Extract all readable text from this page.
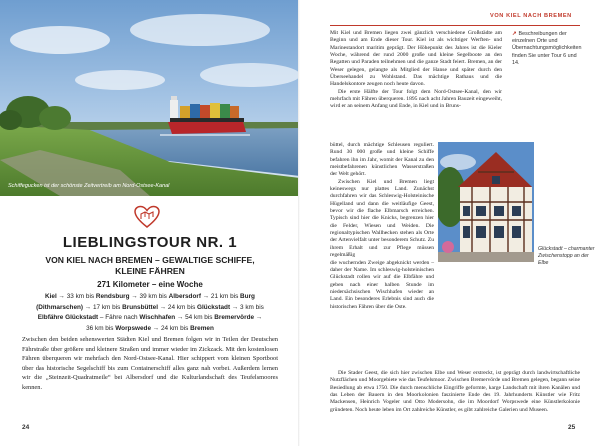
Schiffegucken ist der schönste Zeitvertreib am Nord-Ostsee-Kanal
LIEBLINGSTOUR NR. 1
VON KIEL NACH BREMEN – GEWALTIGE SCHIFFE, KLEINE FÄHREN
271 Kilometer – eine Woche
Kiel → 33 km bis Rendsburg → 39 km bis Albersdorf → 21 km bis Burg (Dithmarschen) → 17 km bis Brunsbüttel → 24 km bis Glückstadt → 3 km bis Elbfähre Glückstadt – Fähre nach Wischhafen → 54 km bis Bremervörde → 36 km bis Worpswede → 24 km bis Bremen
Zwischen den beiden sehenswerten Städten Kiel und Bremen folgen wir in Teilen der Deutschen Fährstraße über größere und kleinere Straßen und immer wieder im Zickzack. Mit den kostenlosen Fähren überqueren wir mehrfach den Nord-Ostsee-Kanal. Hier schippert vom kleinen Sportboot über das historische Segelschiff bis zum Containerschiff alles ganz nah vorbei. Außerdem lernen wir die „Steinzeit-Quadratmeile“ bei Albersdorf und die Kulturlandschaft des Teufelsmoores kennen.
24
VON KIEL NACH BREMEN

Mit Kiel und Bremen liegen zwei gänzlich verschiedene Großstädte am Beginn und am Ende dieser Tour. Kiel ist als wichtiger Werften- und Marinestandort maritim geprägt. Der Höhepunkt des Jahres ist die Kieler Woche, während der rund 2000 große und kleine Segelboote an den Regatten und Paraden teilnehmen und die ganze Stadt feiert. Bremen, an der Weser gelegen, gelangte als Mitglied der Hanse und später durch den Überseehandel zu Wohlstand. Das mächtige Rathaus und die Handelskontore zeugen noch heute davon.

Die erste Hälfte der Tour folgt dem Nord-Ostsee-Kanal, den wir mehrfach mit Fähren überqueren. 1895 nach acht Jahren Bauzeit eingeweiht, wird er an seinem Anfang und Ende, in Kiel und in Bruns-

↗ Beschreibungen der einzelnen Orte und Übernachtungsmöglichkeiten finden Sie unter Tour 6 und 14.

büttel, durch mächtige Schleusen reguliert. Rund 30 000 große und kleine Schiffe befahren ihn im Jahr, womit der Kanal zu den meistbefahrenen künstlichen Wasserstraßen der Welt gehört.

Zwischen Kiel und Bremen liegt keineswegs nur plattes Land. Zunächst durchfahren wir das Schleswig-Holsteinische Hügelland und dann die weitläufige Geest, bevor wir die flache Elbmarsch erreichen. Typisch sind hier die Knicks, begrenzen hier die Felder, Wiesen und Weiden. Die regionaltypischen Wallhecken stehen als Orte der Artenvielfalt unter besonderem Schutz. Zu ihrem Erhalt und zur Pflege müssen regelmäßig

die wuchernden Zweige abgeknickt werden – daher der Name. Im schleswig-holsteinischen Glückstadt rollen wir auf die Elbfähre und geben nach einer halben Stunde im niedersächsischen Wischhafen wieder an Land. Ein besonderes Erlebnis sind auch die historischen Fähren über die Oste.

Glückstadt – charmanter Zwischenstopp an der Elbe

Die Stader Geest, die sich hier zwischen Elbe und Weser erstreckt, ist geprägt durch landwirtschaftliche Nutzflächen und Moorgebiete wie das Teufelsmoor. Zwischen Bremervörde und Bremen gelegen, begann seine Besiedlung ab etwa 1750. Die durch menschliche Eingriffe geformte, karge Landschaft mit ihren Kanälen und das Leben der Bauern in den Moorkolonien faszinierte Ende des 19. Jahrhunderts Künstler wie Fritz Mackensen, Heinrich Vogeler und Otto Modersohn, die im Moordorf Worpswede eine Künstlerkolonie gründeten. Noch heute leben im Ort zahlreiche Künstler, es gibt zahlreiche Galerien und Museen.

25
